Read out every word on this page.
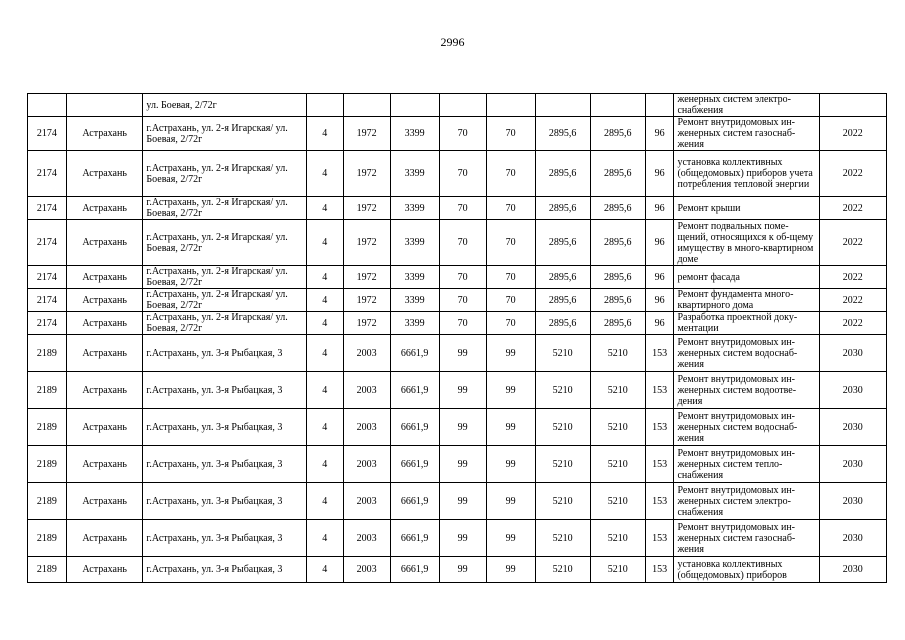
2996
		ул. Боевая, 2/72г									женерных систем электро-снабжения	
2174	Астрахань	г.Астрахань, ул. 2-я Игарская/ ул. Боевая, 2/72г	4	1972	3399	70	70	2895,6	2895,6	96	Ремонт внутридомовых ин-женерных систем газоснаб-жения	2022
2174	Астрахань	г.Астрахань, ул. 2-я Игарская/ ул. Боевая, 2/72г	4	1972	3399	70	70	2895,6	2895,6	96	установка коллективных (общедомовых) приборов учета потребления тепловой энергии	2022
2174	Астрахань	г.Астрахань, ул. 2-я Игарская/ ул. Боевая, 2/72г	4	1972	3399	70	70	2895,6	2895,6	96	Ремонт крыши	2022
2174	Астрахань	г.Астрахань, ул. 2-я Игарская/ ул. Боевая, 2/72г	4	1972	3399	70	70	2895,6	2895,6	96	Ремонт подвальных поме-щений, относящихся к об-щему имуществу в много-квартирном доме	2022
2174	Астрахань	г.Астрахань, ул. 2-я Игарская/ ул. Боевая, 2/72г	4	1972	3399	70	70	2895,6	2895,6	96	ремонт фасада	2022
2174	Астрахань	г.Астрахань, ул. 2-я Игарская/ ул. Боевая, 2/72г	4	1972	3399	70	70	2895,6	2895,6	96	Ремонт фундамента много-квартирного дома	2022
2174	Астрахань	г.Астрахань, ул. 2-я Игарская/ ул. Боевая, 2/72г	4	1972	3399	70	70	2895,6	2895,6	96	Разработка проектной доку-ментации	2022
2189	Астрахань	г.Астрахань, ул. 3-я Рыбацкая, 3	4	2003	6661,9	99	99	5210	5210	153	Ремонт внутридомовых ин-женерных систем водоснаб-жения	2030
2189	Астрахань	г.Астрахань, ул. 3-я Рыбацкая, 3	4	2003	6661,9	99	99	5210	5210	153	Ремонт внутридомовых ин-женерных систем водоотве-дения	2030
2189	Астрахань	г.Астрахань, ул. 3-я Рыбацкая, 3	4	2003	6661,9	99	99	5210	5210	153	Ремонт внутридомовых ин-женерных систем водоснаб-жения	2030
2189	Астрахань	г.Астрахань, ул. 3-я Рыбацкая, 3	4	2003	6661,9	99	99	5210	5210	153	Ремонт внутридомовых ин-женерных систем тепло-снабжения	2030
2189	Астрахань	г.Астрахань, ул. 3-я Рыбацкая, 3	4	2003	6661,9	99	99	5210	5210	153	Ремонт внутридомовых ин-женерных систем электро-снабжения	2030
2189	Астрахань	г.Астрахань, ул. 3-я Рыбацкая, 3	4	2003	6661,9	99	99	5210	5210	153	Ремонт внутридомовых ин-женерных систем газоснаб-жения	2030
2189	Астрахань	г.Астрахань, ул. 3-я Рыбацкая, 3	4	2003	6661,9	99	99	5210	5210	153	установка коллективных (общедомовых) приборов	2030
